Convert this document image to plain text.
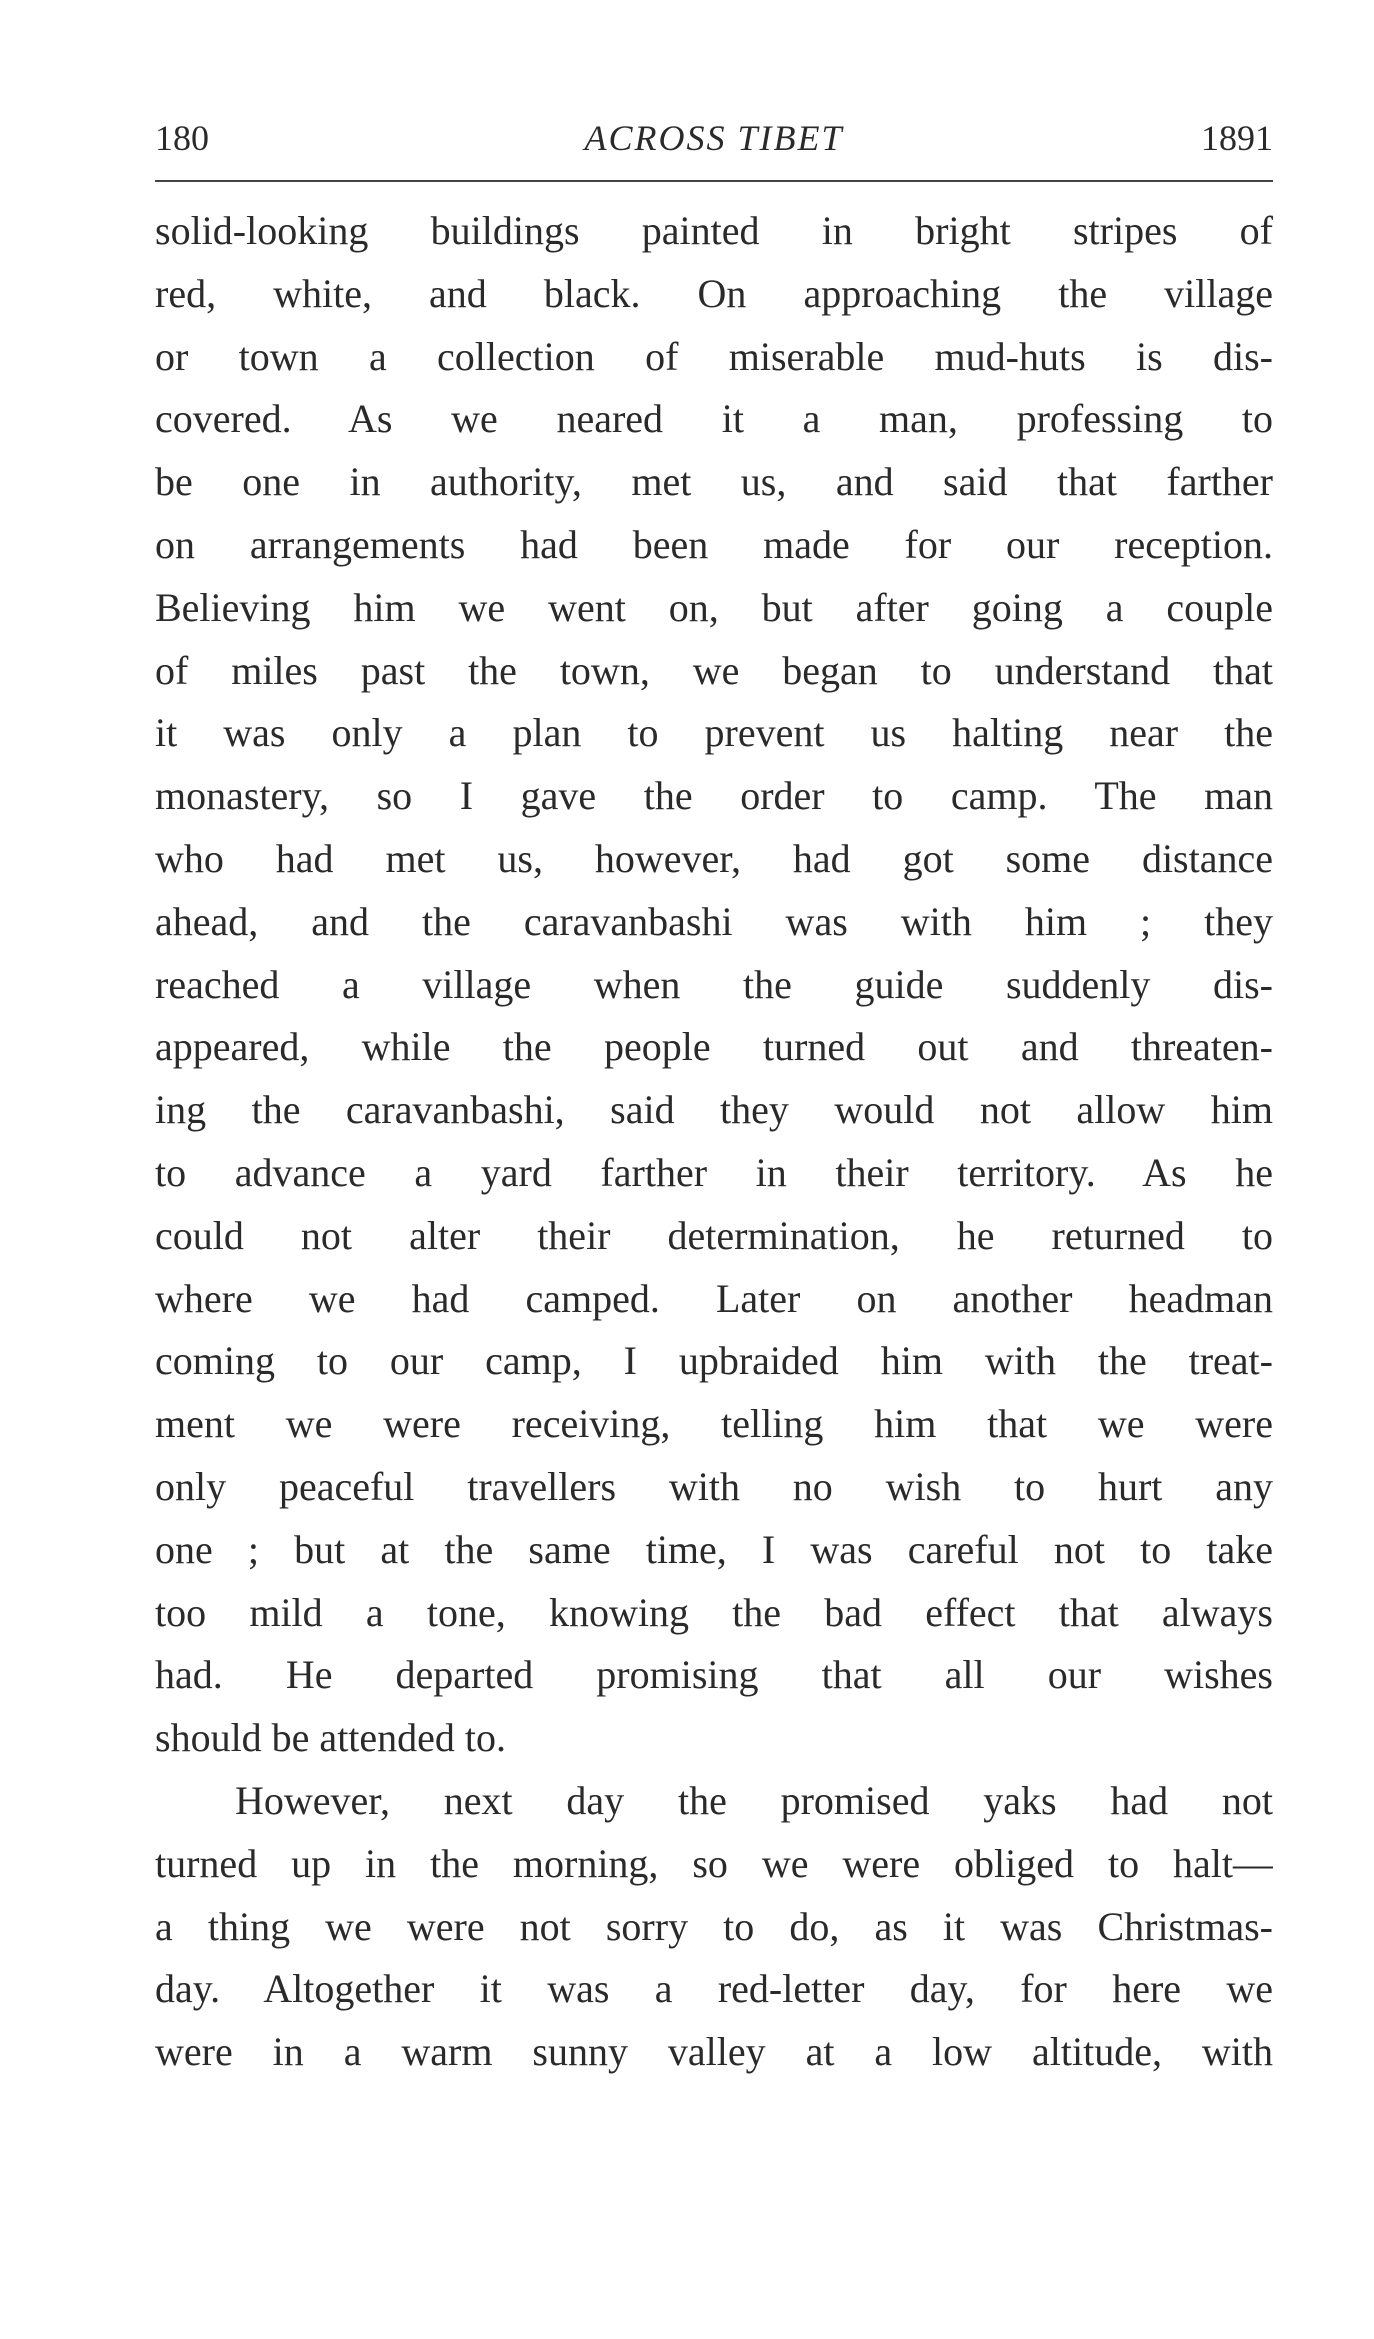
180	ACROSS TIBET	1891
solid-looking buildings painted in bright stripes of
red, white, and black. On approaching the village
or town a collection of miserable mud-huts is dis-
covered. As we neared it a man, professing to
be one in authority, met us, and said that farther
on arrangements had been made for our reception.
Believing him we went on, but after going a couple
of miles past the town, we began to understand that
it was only a plan to prevent us halting near the
monastery, so I gave the order to camp. The man
who had met us, however, had got some distance
ahead, and the caravanbashi was with him ; they
reached a village when the guide suddenly dis-
appeared, while the people turned out and threaten-
ing the caravanbashi, said they would not allow him
to advance a yard farther in their territory. As he
could not alter their determination, he returned to
where we had camped. Later on another headman
coming to our camp, I upbraided him with the treat-
ment we were receiving, telling him that we were
only peaceful travellers with no wish to hurt any
one ; but at the same time, I was careful not to take
too mild a tone, knowing the bad effect that always
had. He departed promising that all our wishes
should be attended to.
However, next day the promised yaks had not
turned up in the morning, so we were obliged to halt—
a thing we were not sorry to do, as it was Christmas-
day. Altogether it was a red-letter day, for here we
were in a warm sunny valley at a low altitude, with
